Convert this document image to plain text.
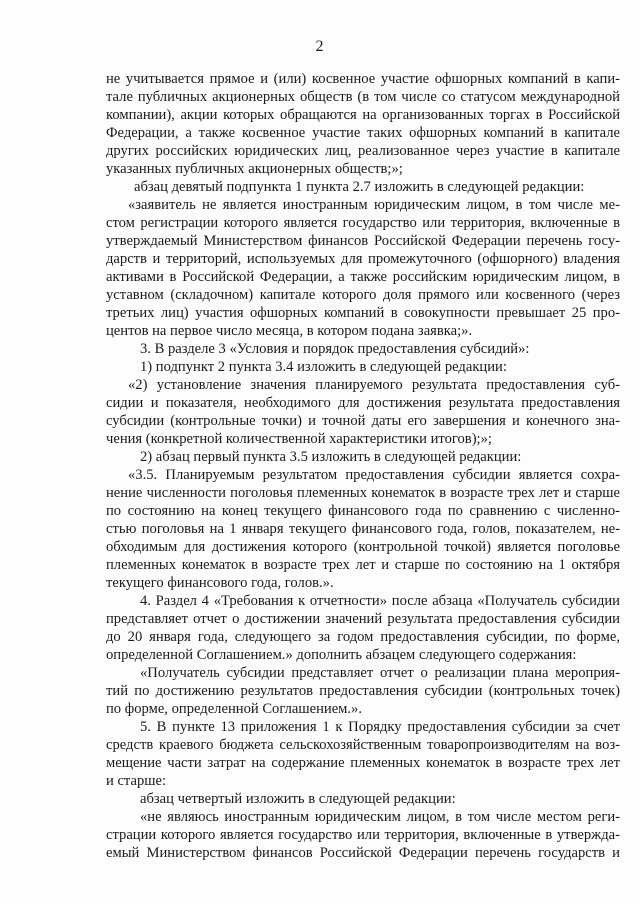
2
не учитывается прямое и (или) косвенное участие офшорных компаний в капи-
тале публичных акционерных обществ (в том числе со статусом международной
компании), акции которых обращаются на организованных торгах в Российской
Федерации, а также косвенное участие таких офшорных компаний в капитале
других российских юридических лиц, реализованное через участие в капитале
указанных публичных акционерных обществ;»;
абзац девятый подпункта 1 пункта 2.7 изложить в следующей редакции:
«заявитель не является иностранным юридическим лицом, в том числе ме-
стом регистрации которого является государство или территория, включенные в
утверждаемый Министерством финансов Российской Федерации перечень госу-
дарств и территорий, используемых для промежуточного (офшорного) владения
активами в Российской Федерации, а также российским юридическим лицом, в
уставном (складочном) капитале которого доля прямого или косвенного (через
третьих лиц) участия офшорных компаний в совокупности превышает 25 про-
центов на первое число месяца, в котором подана заявка;».
3. В разделе 3 «Условия и порядок предоставления субсидий»:
1) подпункт 2 пункта 3.4 изложить в следующей редакции:
«2) установление значения планируемого результата предоставления суб-
сидии и показателя, необходимого для достижения результата предоставления
субсидии (контрольные точки) и точной даты его завершения и конечного зна-
чения (конкретной количественной характеристики итогов);»;
2) абзац первый пункта 3.5 изложить в следующей редакции:
«3.5. Планируемым результатом предоставления субсидии является сохра-
нение численности поголовья племенных конематок в возрасте трех лет и старше
по состоянию на конец текущего финансового года по сравнению с численно-
стью поголовья на 1 января текущего финансового года, голов, показателем, не-
обходимым для достижения которого (контрольной точкой) является поголовье
племенных конематок в возрасте трех лет и старше по состоянию на 1 октября
текущего финансового года, голов.».
4. Раздел 4 «Требования к отчетности» после абзаца «Получатель субсидии
представляет отчет о достижении значений результата предоставления субсидии
до 20 января года, следующего за годом предоставления субсидии, по форме,
определенной Соглашением.» дополнить абзацем следующего содержания:
«Получатель субсидии представляет отчет о реализации плана мероприя-
тий по достижению результатов предоставления субсидии (контрольных точек)
по форме, определенной Соглашением.».
5. В пункте 13 приложения 1 к Порядку предоставления субсидии за счет
средств краевого бюджета сельскохозяйственным товаропроизводителям на воз-
мещение части затрат на содержание племенных конематок в возрасте трех лет
и старше:
абзац четвертый изложить в следующей редакции:
«не являюсь иностранным юридическим лицом, в том числе местом реги-
страции которого является государство или территория, включенные в утвержда-
емый Министерством финансов Российской Федерации перечень государств и
